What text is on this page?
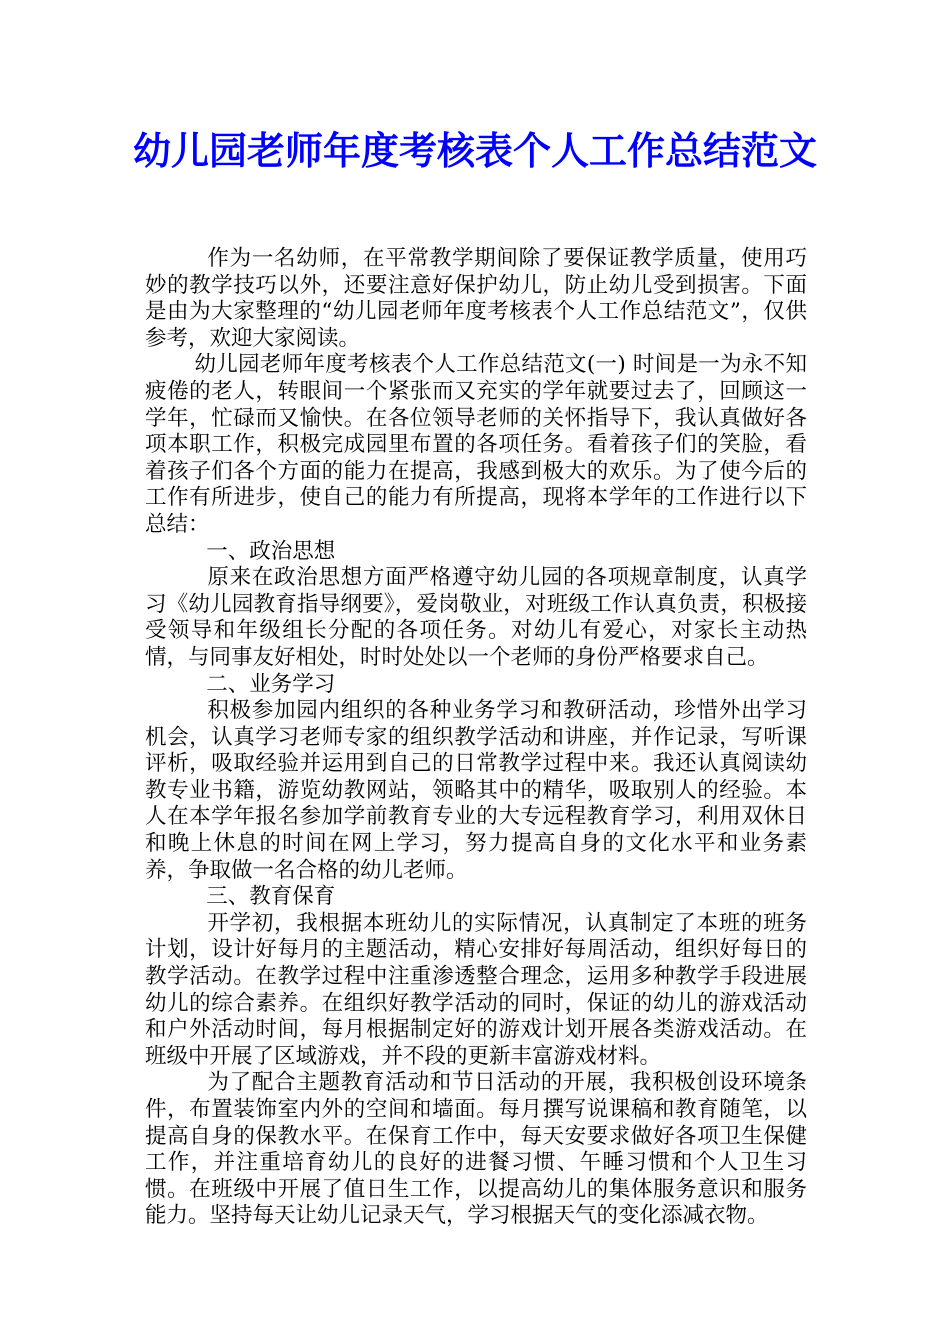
幼儿园老师年度考核表个人工作总结范文

作为一名幼师，在平常教学期间除了要保证教学质量，使用巧妙的教学技巧以外，还要注意好保护幼儿，防止幼儿受到损害。下面是由为大家整理的“幼儿园老师年度考核表个人工作总结范文”，仅供参考，欢迎大家阅读。

幼儿园老师年度考核表个人工作总结范文(一) 时间是一为永不知疲倦的老人，转眼间一个紧张而又充实的学年就要过去了，回顾这一学年，忙碌而又愉快。在各位领导老师的关怀指导下，我认真做好各项本职工作，积极完成园里布置的各项任务。看着孩子们的笑脸，看着孩子们各个方面的能力在提高，我感到极大的欢乐。为了使今后的工作有所进步，使自己的能力有所提高，现将本学年的工作进行以下总结：

一、政治思想

原来在政治思想方面严格遵守幼儿园的各项规章制度，认真学习《幼儿园教育指导纲要》，爱岗敬业，对班级工作认真负责，积极接受领导和年级组长分配的各项任务。对幼儿有爱心，对家长主动热情，与同事友好相处，时时处处以一个老师的身份严格要求自己。

二、业务学习

积极参加园内组织的各种业务学习和教研活动，珍惜外出学习机会，认真学习老师专家的组织教学活动和讲座，并作记录，写听课评析，吸取经验并运用到自己的日常教学过程中来。我还认真阅读幼教专业书籍，游览幼教网站，领略其中的精华，吸取别人的经验。本人在本学年报名参加学前教育专业的大专远程教育学习，利用双休日和晚上休息的时间在网上学习，努力提高自身的文化水平和业务素养，争取做一名合格的幼儿老师。

三、教育保育

开学初，我根据本班幼儿的实际情况，认真制定了本班的班务计划，设计好每月的主题活动，精心安排好每周活动，组织好每日的教学活动。在教学过程中注重渗透整合理念，运用多种教学手段进展幼儿的综合素养。在组织好教学活动的同时，保证的幼儿的游戏活动和户外活动时间，每月根据制定好的游戏计划开展各类游戏活动。在班级中开展了区域游戏，并不段的更新丰富游戏材料。

为了配合主题教育活动和节日活动的开展，我积极创设环境条件，布置装饰室内外的空间和墙面。每月撰写说课稿和教育随笔，以提高自身的保教水平。在保育工作中，每天安要求做好各项卫生保健工作，并注重培育幼儿的良好的进餐习惯、午睡习惯和个人卫生习惯。在班级中开展了值日生工作，以提高幼儿的集体服务意识和服务能力。坚持每天让幼儿记录天气，学习根据天气的变化添减衣物。
